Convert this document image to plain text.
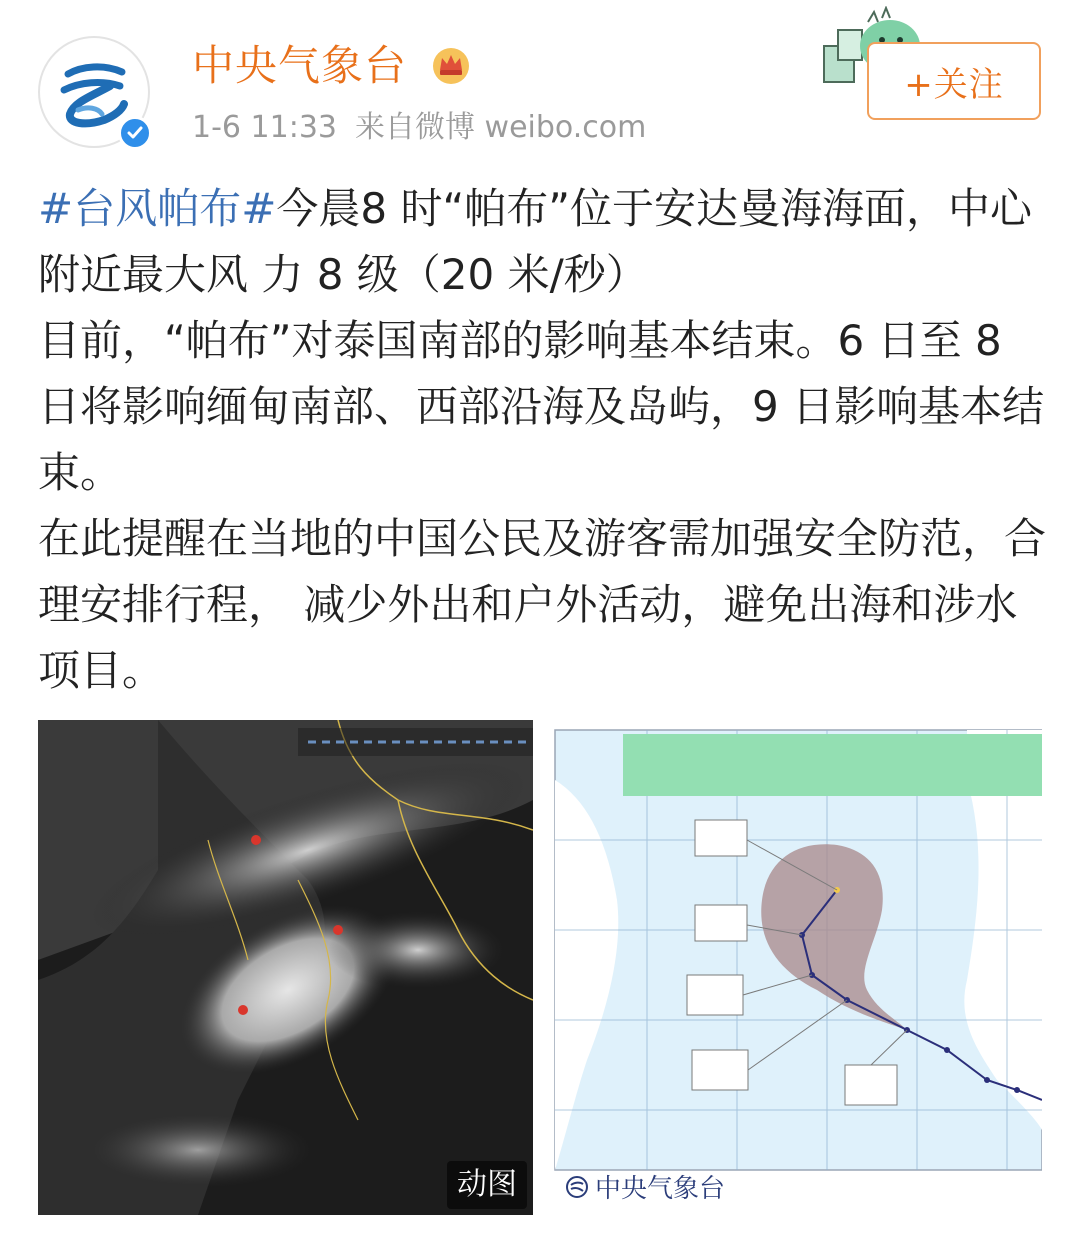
中央气象台
1-6 11:33 来自微博 weibo.com
+关注

#台风帕布#今晨8 时“帕布”位于安达曼海海面，中心附近最大风 力 8 级（20 米/秒）

目前，“帕布”对泰国南部的影响基本结束。6 日至 8 日将影响缅甸南部、西部沿海及岛屿，9 日影响基本结束。

在此提醒在当地的中国公民及游客需加强安全防范，合理安排行程， 减少外出和户外活动，避免出海和涉水项目。

动图	中央气象台
